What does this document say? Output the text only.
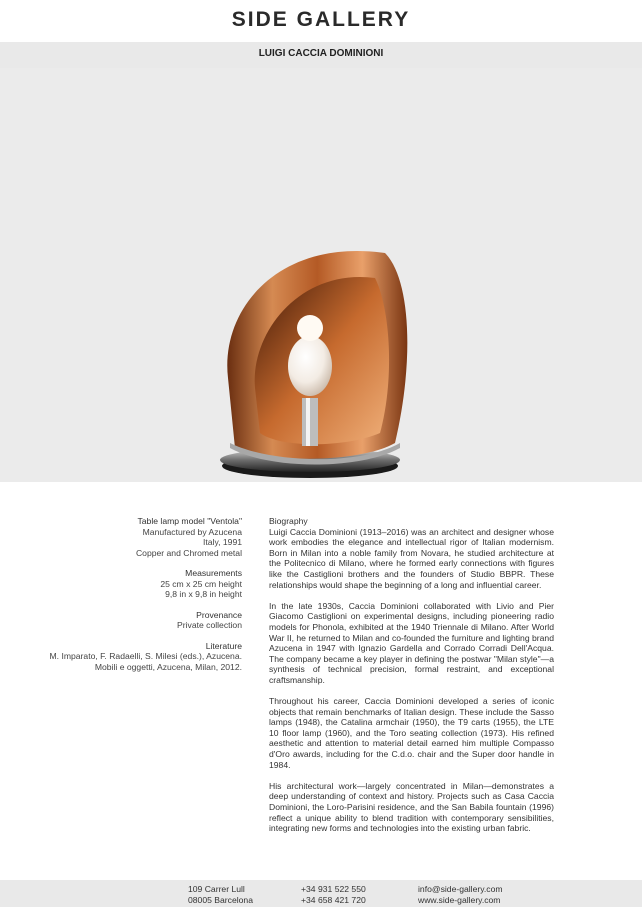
SIDE GALLERY
LUIGI CACCIA DOMINIONI
Table lamp model "Ventola"
Manufactured by Azucena
Italy, 1991
Copper and Chromed metal
Measurements
25 cm x 25 cm height
9,8 in x 9,8 in height
Provenance
Private collection
Literature
M. Imparato, F. Radaelli, S. Milesi (eds.), Azucena.
Mobili e oggetti, Azucena, Milan, 2012.
Biography

Luigi Caccia Dominioni (1913–2016) was an architect and designer whose work embodies the elegance and intellectual rigor of Italian modernism. Born in Milan into a noble family from Novara, he studied architecture at the Politecnico di Milano, where he formed early connections with figures like the Castiglioni brothers and the founders of Studio BBPR. These relationships would shape the beginning of a long and influential career.

In the late 1930s, Caccia Dominioni collaborated with Livio and Pier Giacomo Castiglioni on experimental designs, including pioneering radio models for Phonola, exhibited at the 1940 Triennale di Milano. After World War II, he returned to Milan and co-founded the furniture and lighting brand Azucena in 1947 with Ignazio Gardella and Corrado Corradi Dell'Acqua. The company became a key player in defining the postwar "Milan style"—a synthesis of technical precision, formal restraint, and exceptional craftsmanship.

Throughout his career, Caccia Dominioni developed a series of iconic objects that remain benchmarks of Italian design. These include the Sasso lamps (1948), the Catalina armchair (1950), the T9 carts (1955), the LTE 10 floor lamp (1960), and the Toro seating collection (1973). His refined aesthetic and attention to material detail earned him multiple Compasso d'Oro awards, including for the C.d.o. chair and the Super door handle in 1984.

His architectural work—largely concentrated in Milan—demonstrates a deep understanding of context and history. Projects such as Casa Caccia Dominioni, the Loro-Parisini residence, and the San Babila fountain (1996) reflect a unique ability to blend tradition with contemporary sensibilities, integrating new forms and technologies into the existing urban fabric.

109 Carrer Lull
08005 Barcelona
+34 931 522 550
+34 658 421 720
info@side-gallery.com
www.side-gallery.com
